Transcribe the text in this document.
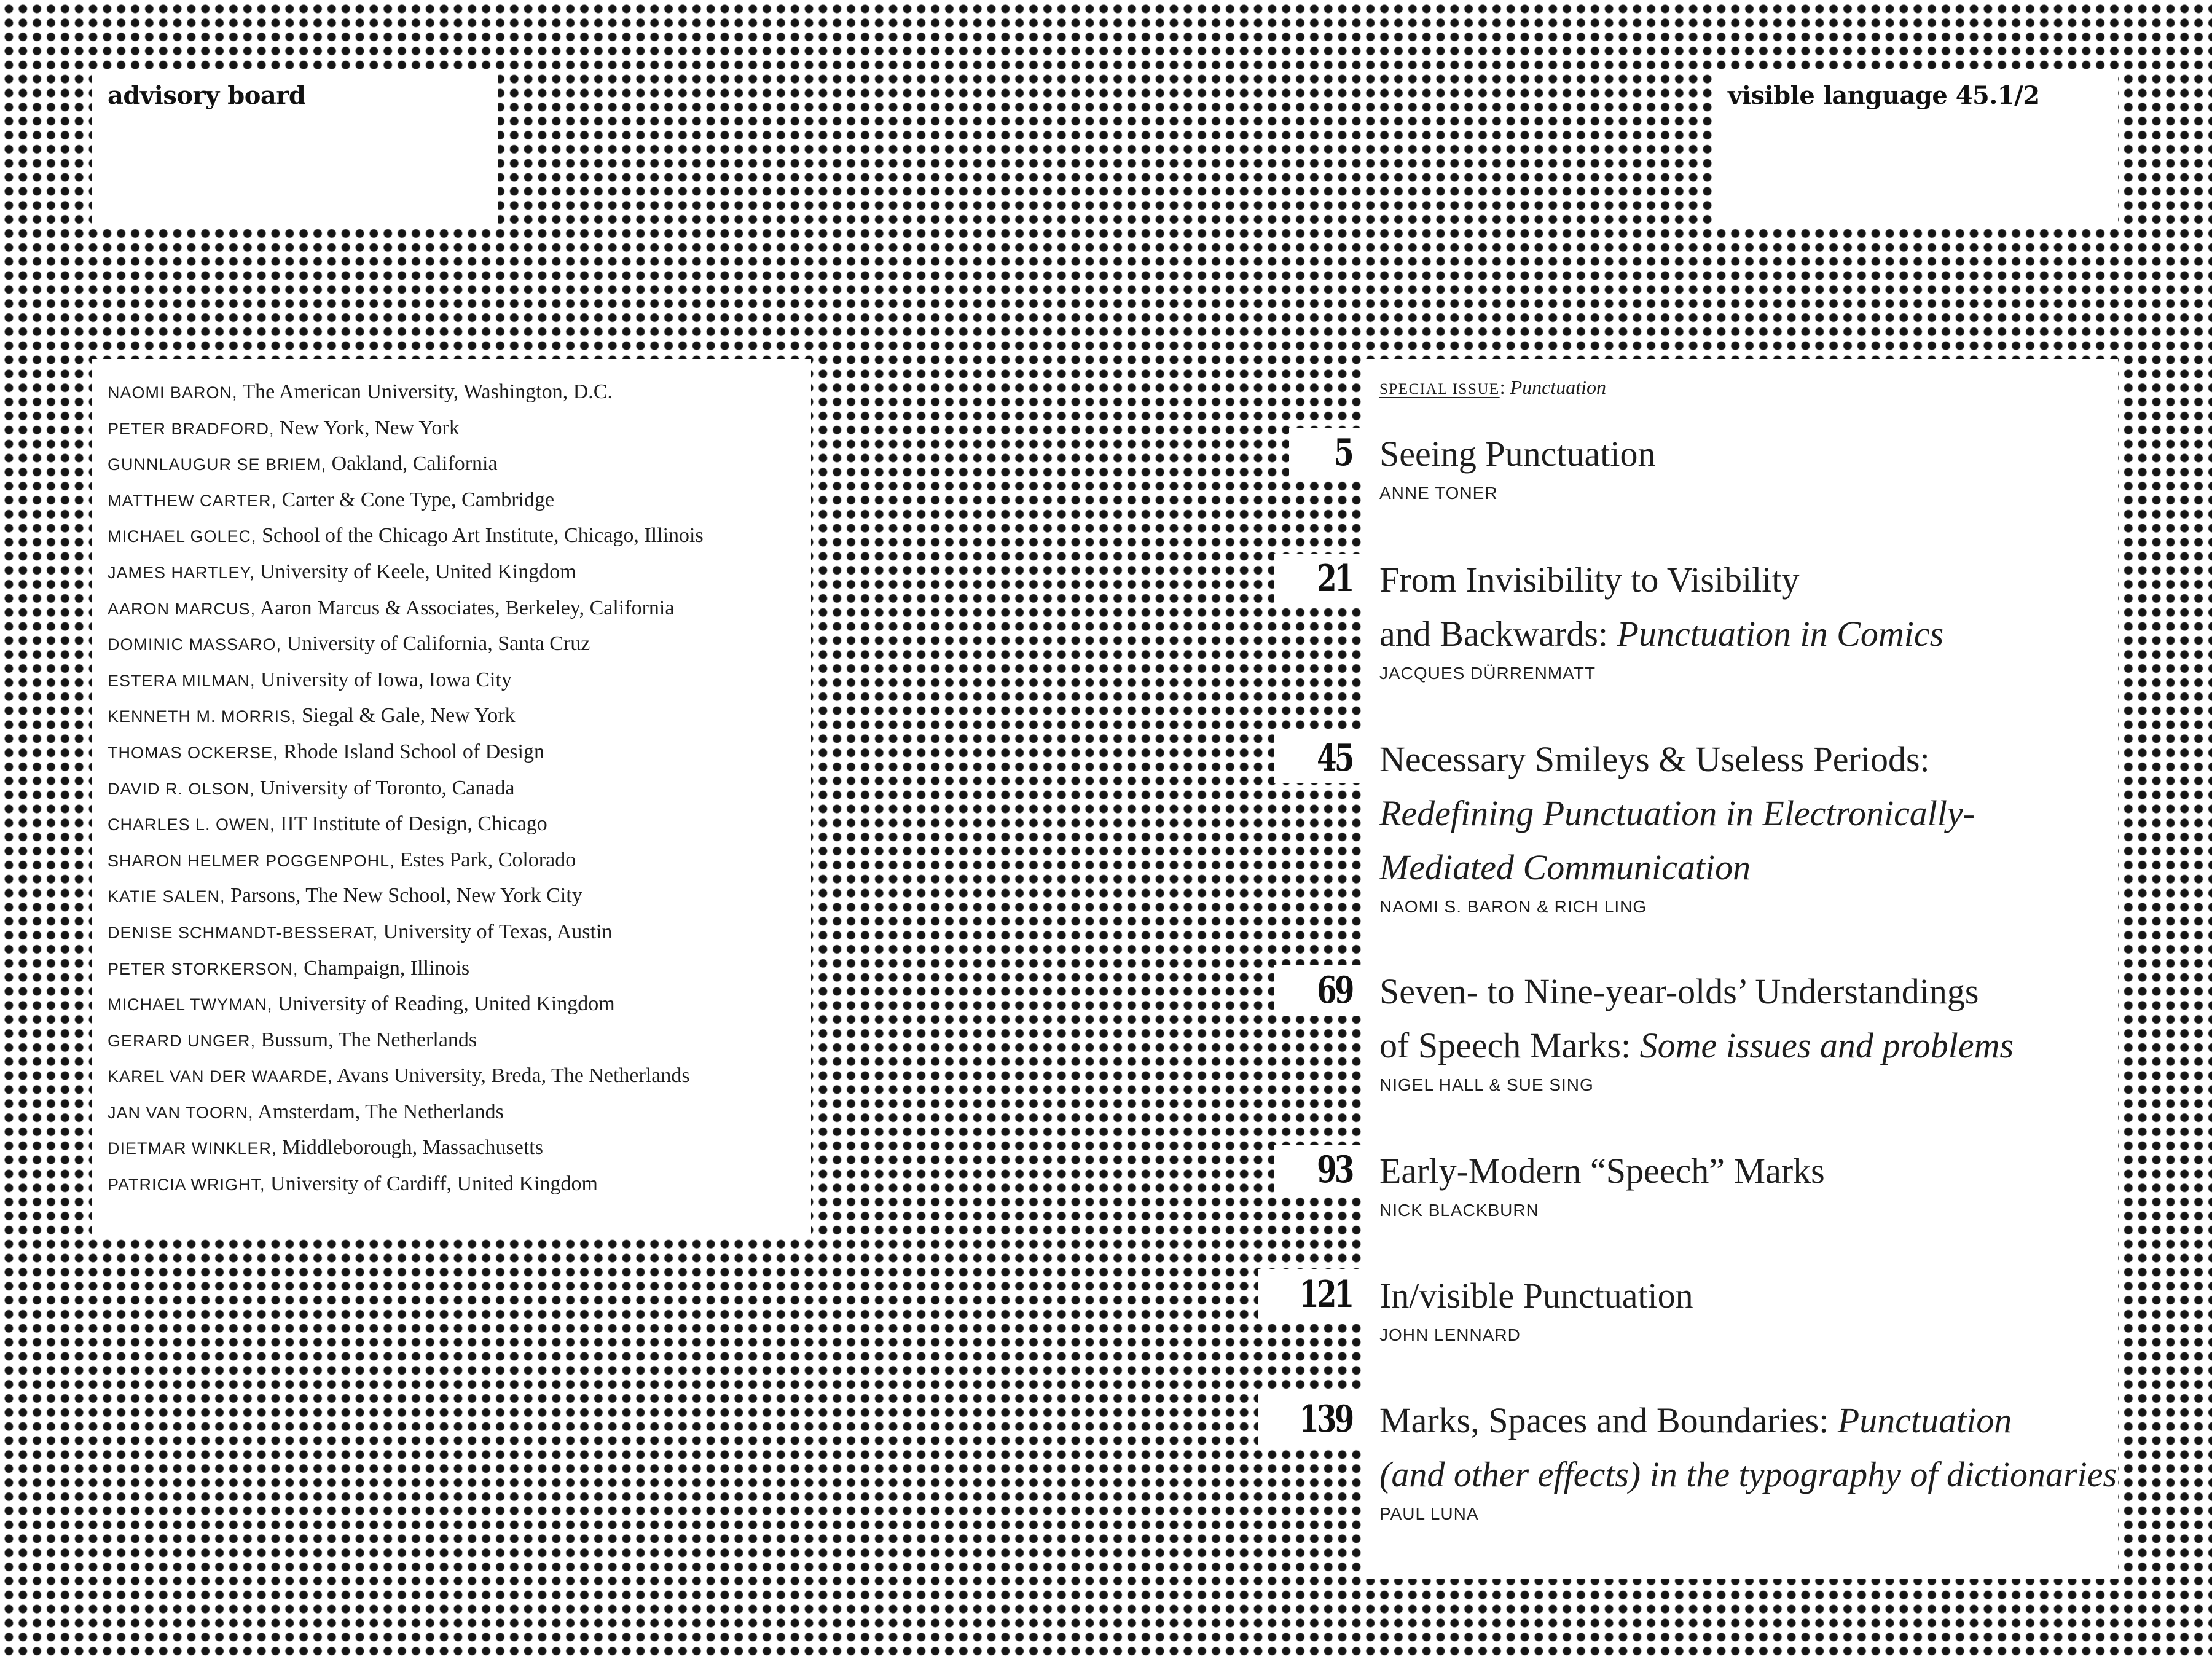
advisory board	visible language 45.1/2
NAOMI BARON, The American University, Washington, D.C.
PETER BRADFORD, New York, New York
GUNNLAUGUR SE BRIEM, Oakland, California
MATTHEW CARTER, Carter & Cone Type, Cambridge
MICHAEL GOLEC, School of the Chicago Art Institute, Chicago, Illinois
JAMES HARTLEY, University of Keele, United Kingdom
AARON MARCUS, Aaron Marcus & Associates, Berkeley, California
DOMINIC MASSARO, University of California, Santa Cruz
ESTERA MILMAN, University of Iowa, Iowa City
KENNETH M. MORRIS, Siegal & Gale, New York
THOMAS OCKERSE, Rhode Island School of Design
DAVID R. OLSON, University of Toronto, Canada
CHARLES L. OWEN, IIT Institute of Design, Chicago
SHARON HELMER POGGENPOHL, Estes Park, Colorado
KATIE SALEN, Parsons, The New School, New York City
DENISE SCHMANDT-BESSERAT, University of Texas, Austin
PETER STORKERSON, Champaign, Illinois
MICHAEL TWYMAN, University of Reading, United Kingdom
GERARD UNGER, Bussum, The Netherlands
KAREL VAN DER WAARDE, Avans University, Breda, The Netherlands
JAN VAN TOORN, Amsterdam, The Netherlands
DIETMAR WINKLER, Middleborough, Massachusetts
PATRICIA WRIGHT, University of Cardiff, United Kingdom
SPECIAL ISSUE: Punctuation
5 Seeing Punctuation
ANNE TONER
21 From Invisibility to Visibility
and Backwards: Punctuation in Comics
JACQUES DÜRRENMATT
45 Necessary Smileys & Useless Periods:
Redefining Punctuation in Electronically-
Mediated Communication
NAOMI S. BARON & RICH LING
69 Seven- to Nine-year-olds’ Understandings
of Speech Marks: Some issues and problems
NIGEL HALL & SUE SING
93 Early-Modern “Speech” Marks
NICK BLACKBURN
121 In/visible Punctuation
JOHN LENNARD
139 Marks, Spaces and Boundaries: Punctuation
(and other effects) in the typography of dictionaries
PAUL LUNA
